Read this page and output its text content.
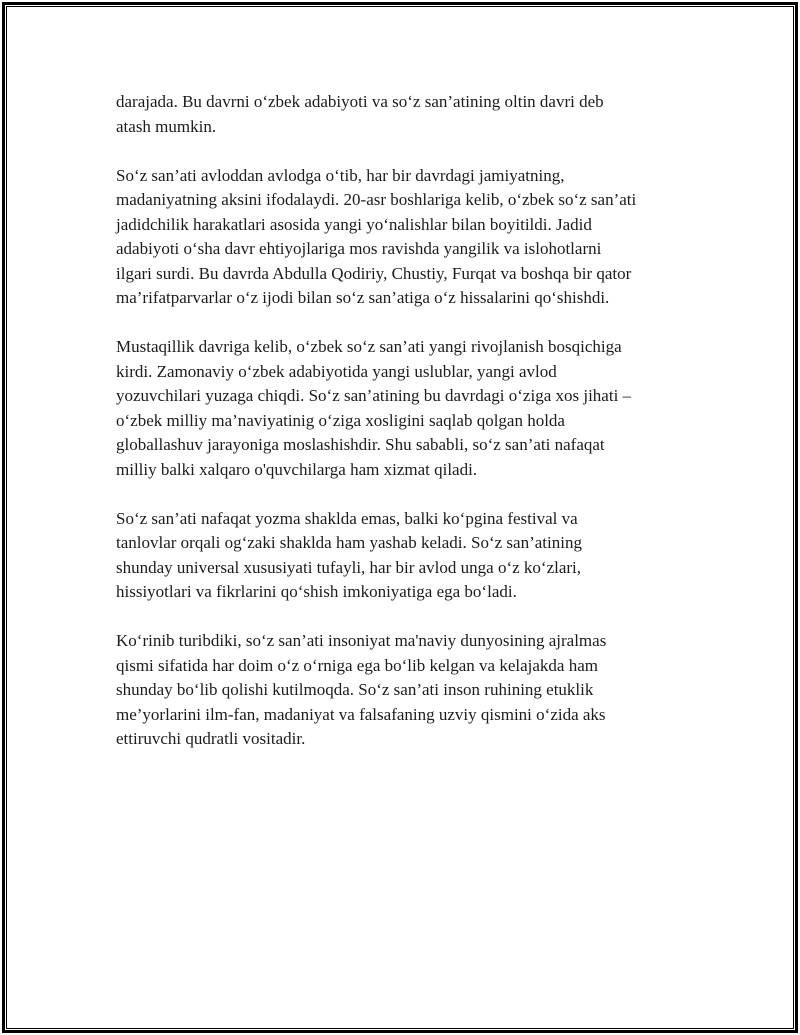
darajada. Bu davrni o‘zbek adabiyoti va so‘z san’atining oltin davri deb
atash mumkin.
So‘z san’ati avloddan avlodga o‘tib, har bir davrdagi jamiyatning,
madaniyatning aksini ifodalaydi. 20-asr boshlariga kelib, o‘zbek so‘z san’ati
jadidchilik harakatlari asosida yangi yo‘nalishlar bilan boyitildi. Jadid
adabiyoti o‘sha davr ehtiyojlariga mos ravishda yangilik va islohotlarni
ilgari surdi. Bu davrda Abdulla Qodiriy, Chustiy, Furqat va boshqa bir qator
ma’rifatparvarlar o‘z ijodi bilan so‘z san’atiga o‘z hissalarini qo‘shishdi.
Mustaqillik davriga kelib, o‘zbek so‘z san’ati yangi rivojlanish bosqichiga
kirdi. Zamonaviy o‘zbek adabiyotida yangi uslublar, yangi avlod
yozuvchilari yuzaga chiqdi. So‘z san’atining bu davrdagi o‘ziga xos jihati –
o‘zbek milliy ma’naviyatinig o‘ziga xosligini saqlab qolgan holda
globallashuv jarayoniga moslashishdir. Shu sababli, so‘z san’ati nafaqat
milliy balki xalqaro o'quvchilarga ham xizmat qiladi.
So‘z san’ati nafaqat yozma shaklda emas, balki ko‘pgina festival va
tanlovlar orqali og‘zaki shaklda ham yashab keladi. So‘z san’atining
shunday universal xususiyati tufayli, har bir avlod unga o‘z ko‘zlari,
hissiyotlari va fikrlarini qo‘shish imkoniyatiga ega bo‘ladi.
Ko‘rinib turibdiki, so‘z san’ati insoniyat ma'naviy dunyosining ajralmas
qismi sifatida har doim o‘z o‘rniga ega bo‘lib kelgan va kelajakda ham
shunday bo‘lib qolishi kutilmoqda. So‘z san’ati inson ruhining etuklik
me’yorlarini ilm-fan, madaniyat va falsafaning uzviy qismini o‘zida aks
ettiruvchi qudratli vositadir.
